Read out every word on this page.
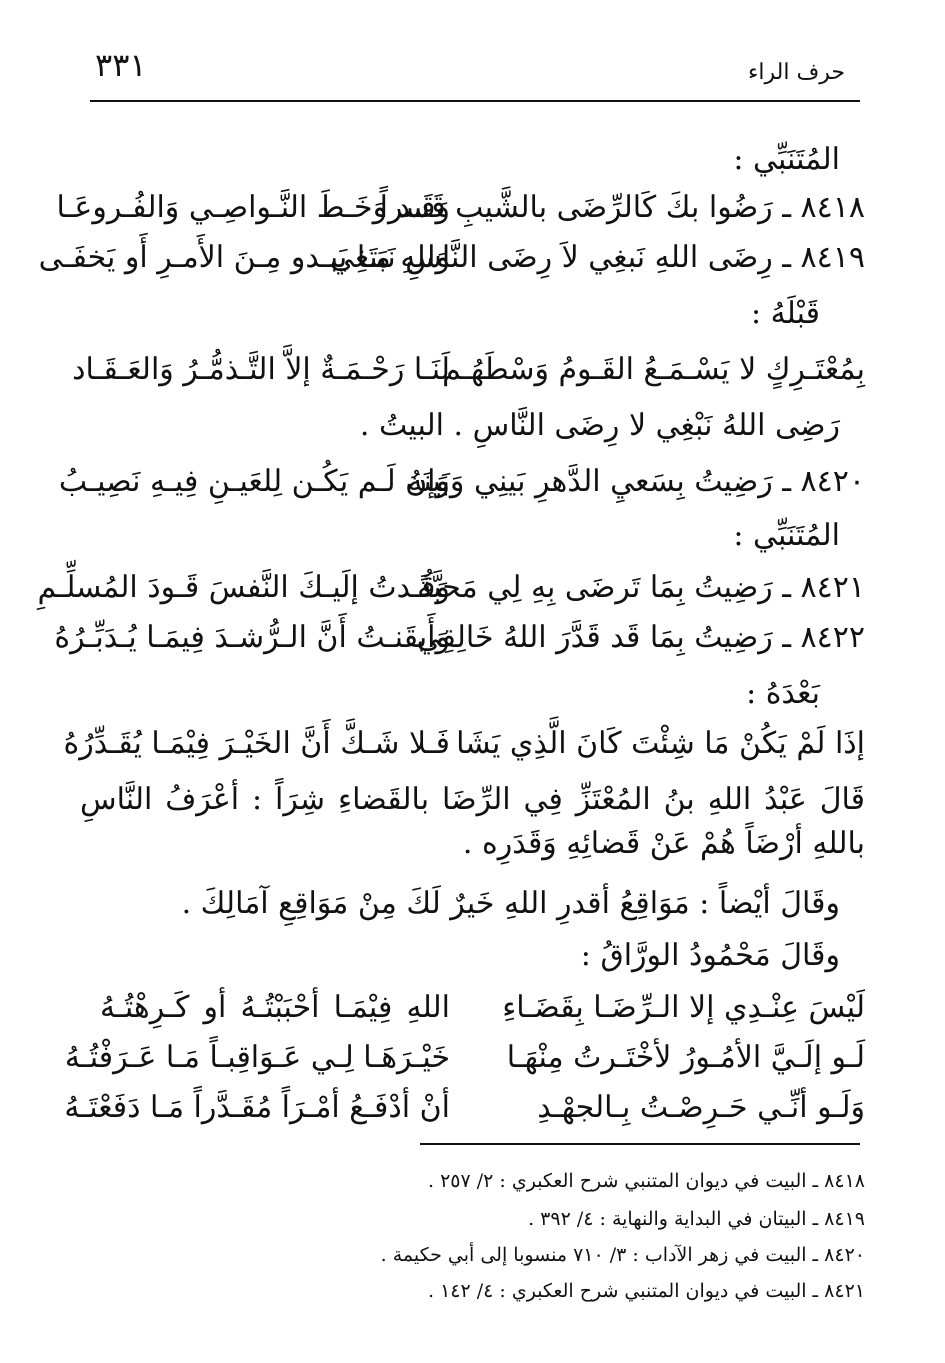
حرف الراء
٣٣١
المُتَنَبِّي :
٨٤١٨ ـ رَضُوا بكَ كَالرِّضَى بالشَّيبِ قَسراً
وَقَـد وَخَـطَ النَّـواصِـي وَالفُـروعَـا
٨٤١٩ ـ رِضَى اللهِ نَبغِي لاَ رِضَى النَّاسِ نَبتَغِي
وَللهِ مَـا يَبـدو مِـنَ الأَمـرِ أَو يَخفَـى
قَبْلَهُ :
بِمُعْتَـرِكٍ لا يَسْـمَـعُ القَـومُ وَسْطَهُـم
لَنَـا رَحْـمَـةٌ إلاَّ التَّـذمُّـرُ وَالعَـقَـاد
رَضِى اللهُ نَبْغِي لا رِضَى النَّاسِ . البيتُ .
٨٤٢٠ ـ رَضِيتُ بِسَعيِ الدَّهرِ بَينِي وَبَينَهُ
وَإن لَـم يَكُـن لِلعَيـنِ فِيـهِ نَصِيـبُ
المُتَنَبِّي :
٨٤٢١ ـ رَضِيتُ بِمَا تَرضَى بِهِ لِي مَحبَّةً
وَقُـدتُ إلَيـكَ النَّفسَ قَـودَ المُسلِّـمِ
٨٤٢٢ ـ رَضِيتُ بِمَا قَد قَدَّرَ اللهُ خَالِقِي
وَأَيقَنـتُ أَنَّ الـرُّشـدَ فِيمَـا يُـدَبِّـرُهُ
بَعْدَهُ :
إذَا لَمْ يَكُنْ مَا شِئْتَ كَانَ الَّذِي يَشَا
فَـلا شَـكَّ أَنَّ الخَيْـرَ فِيْمَـا يُقَـدِّرُهُ
قَالَ عَبْدُ اللهِ بنُ المُعْتَزِّ فِي الرِّضَا بالقَضاءِ شِرَاً : أعْرَفُ النَّاسِ باللهِ أرْضَاً هُمْ عَنْ قَضائِهِ وَقَدَرِه .
وقَالَ أيْضاً : مَوَاقِعُ أقدرِ اللهِ خَيرٌ لَكَ مِنْ مَوَاقِعِ آمَالِكَ .
وقَالَ مَحْمُودُ الورَّاقُ :
لَيْسَ عِنْـدِي إلا الـرِّضَـا بِقَضَـاءِ
اللهِ فِيْمَـا أحْبَبْتُـهُ أو كَـرِهْتُـهُ
لَـو إلَـيَّ الأمُـورُ لأخْتَـرتُ مِنْهَـا
خَيْـرَهَـا لِـي عَـوَاقِبـاً مَـا عَـرَفْتُـهُ
وَلَـو أنِّـي حَـرِصْـتُ بِـالجهْـدِ
أنْ أدْفَـعُ أمْـرَاً مُقَـدَّراً مَـا دَفَعْتَـهُ
٨٤١٨ ـ البيت في ديوان المتنبي شرح العكبري : ٢/ ٢٥٧ .
٨٤١٩ ـ البيتان في البداية والنهاية : ٤/ ٣٩٢ .
٨٤٢٠ ـ البيت في زهر الآداب : ٣/ ٧١٠ منسوبا إلى أبي حكيمة .
٨٤٢١ ـ البيت في ديوان المتنبي شرح العكبري : ٤/ ١٤٢ .
